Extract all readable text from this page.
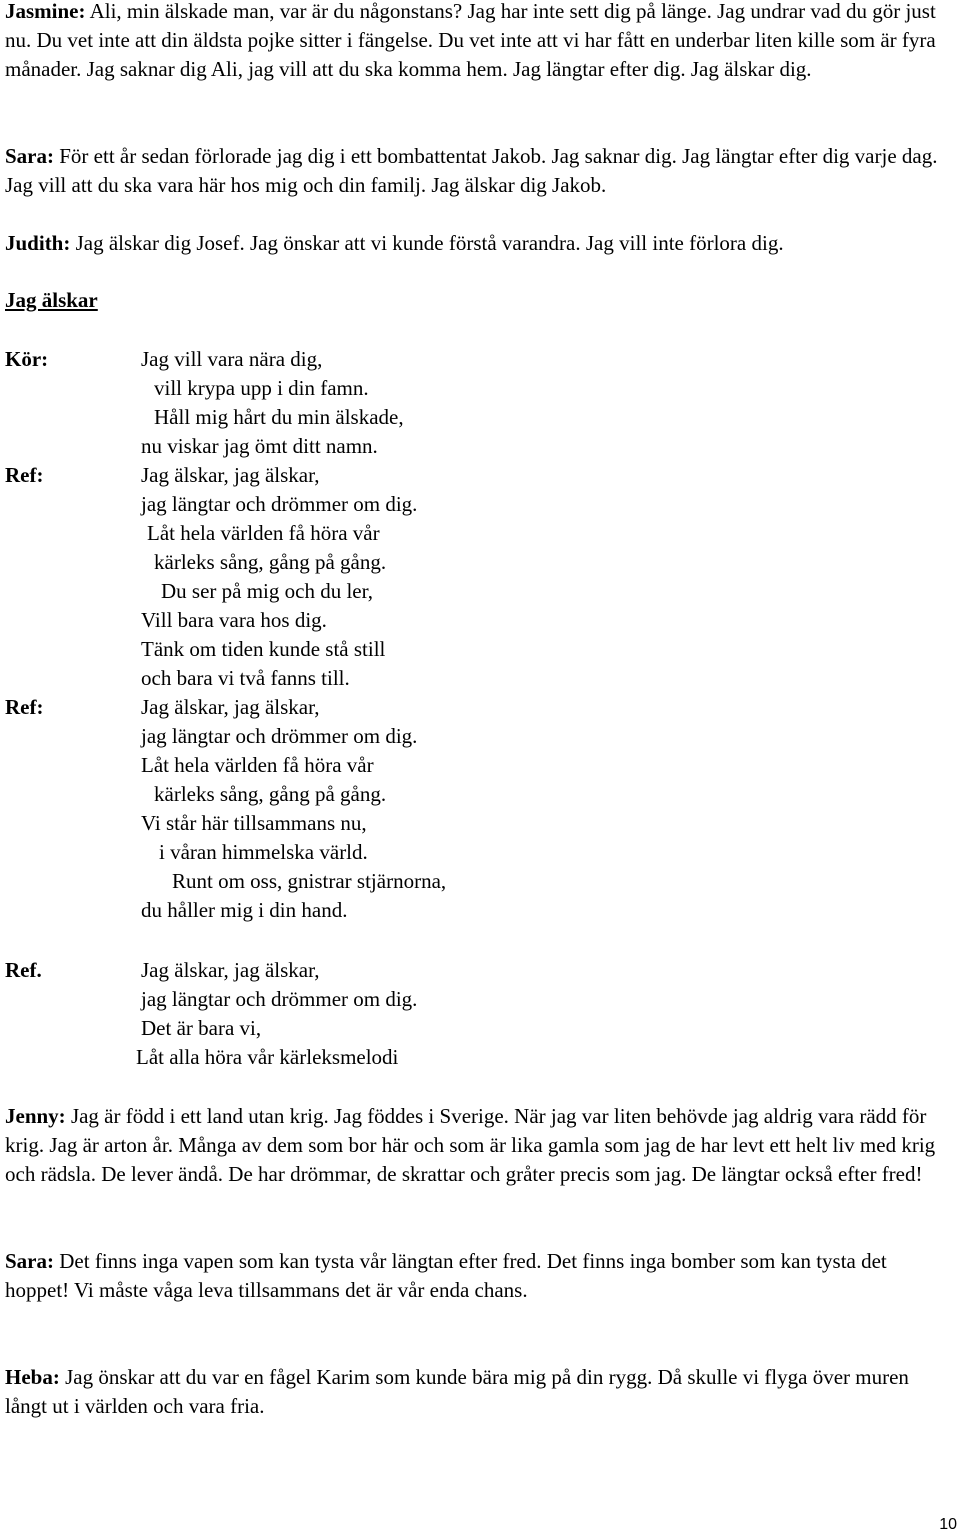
Jasmine: Ali, min älskade man, var är du någonstans? Jag har inte sett dig på länge. Jag undrar vad du gör just nu. Du vet inte att din äldsta pojke sitter i fängelse. Du vet inte att vi har fått en underbar liten kille som är fyra månader. Jag saknar dig Ali, jag vill att du ska komma hem. Jag längtar efter dig. Jag älskar dig.

Sara: För ett år sedan förlorade jag dig i ett bombattentat Jakob. Jag saknar dig. Jag längtar efter dig varje dag. Jag vill att du ska vara här hos mig och din familj. Jag älskar dig Jakob.

Judith: Jag älskar dig Josef. Jag önskar att vi kunde förstå varandra. Jag vill inte förlora dig.

Jag älskar
Kör:
Ref:
Ref:
Ref.
Jag vill vara nära dig,
vill krypa upp i din famn.
Håll mig hårt du min älskade,
nu viskar jag ömt ditt namn.
Jag älskar, jag älskar,
jag längtar och drömmer om dig.
Låt hela världen få höra vår
kärleks sång, gång på gång.
Du ser på mig och du ler,
Vill bara vara hos dig.
Tänk om tiden kunde stå still
och bara vi två fanns till.
Jag älskar, jag älskar,
jag längtar och drömmer om dig.
Låt hela världen få höra vår
kärleks sång, gång på gång.
Vi står här tillsammans nu,
i våran himmelska värld.
Runt om oss, gnistrar stjärnorna,
du håller mig i din hand.
Jag älskar, jag älskar,
jag längtar och drömmer om dig.
Det är bara vi,
Låt alla höra vår kärleksmelodi

Jenny: Jag är född i ett land utan krig. Jag föddes i Sverige. När jag var liten behövde jag aldrig vara rädd för krig. Jag är arton år. Många av dem som bor här och som är lika gamla som jag de har levt ett helt liv med krig och rädsla. De lever ändå. De har drömmar, de skrattar och gråter precis som jag. De längtar också efter fred!

Sara: Det finns inga vapen som kan tysta vår längtan efter fred. Det finns inga bomber som kan tysta det hoppet! Vi måste våga leva tillsammans det är vår enda chans.

Heba: Jag önskar att du var en fågel Karim som kunde bära mig på din rygg. Då skulle vi flyga över muren långt ut i världen och vara fria.

10
